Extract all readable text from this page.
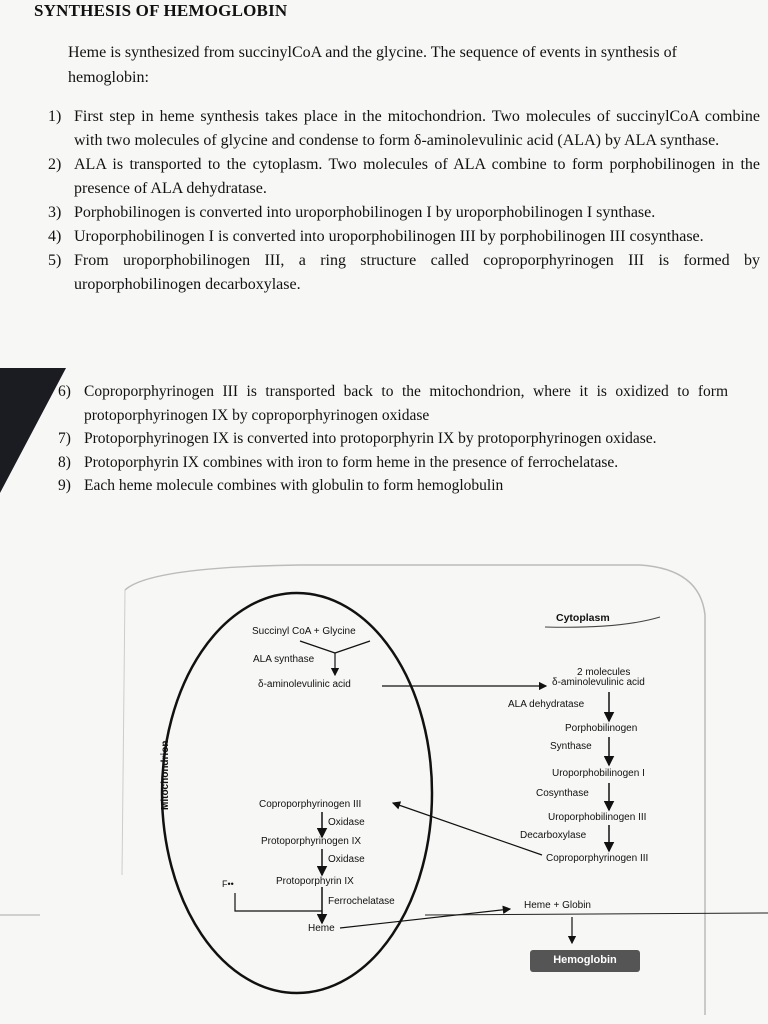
SYNTHESIS OF HEMOGLOBIN
Heme is synthesized from succinylCoA and the glycine. The sequence of events in synthesis of hemoglobin:
1) First step in heme synthesis takes place in the mitochondrion. Two molecules of succinylCoA combine with two molecules of glycine and condense to form δ-aminolevulinic acid (ALA) by ALA synthase.
2) ALA is transported to the cytoplasm. Two molecules of ALA combine to form porphobilinogen in the presence of ALA dehydratase.
3) Porphobilinogen is converted into uroporphobilinogen I by uroporphobilinogen I synthase.
4) Uroporphobilinogen I is converted into uroporphobilinogen III by porphobilinogen III cosynthase.
5) From uroporphobilinogen III, a ring structure called coproporphyrinogen III is formed by uroporphobilinogen decarboxylase.
6) Coproporphyrinogen III is transported back to the mitochondrion, where it is oxidized to form protoporphyrinogen IX by coproporphyrinogen oxidase
7) Protoporphyrinogen IX is converted into protoporphyrin IX by protoporphyrinogen oxidase.
8) Protoporphyrin IX combines with iron to form heme in the presence of ferrochelatase.
9) Each heme molecule combines with globulin to form hemoglobulin
Mitochondrion
Cytoplasm
Succinyl CoA + Glycine
ALA synthase
δ-aminolevulinic acid
2 molecules
δ-aminolevulinic acid
ALA dehydratase
Porphobilinogen
Synthase
Uroporphobilinogen I
Cosynthase
Uroporphobilinogen III
Decarboxylase
Coproporphyrinogen III
Coproporphyrinogen III
Oxidase
Protoporphyrinogen IX
Oxidase
Protoporphyrin IX
F••
Ferrochelatase
Heme
Heme + Globin
Hemoglobin
